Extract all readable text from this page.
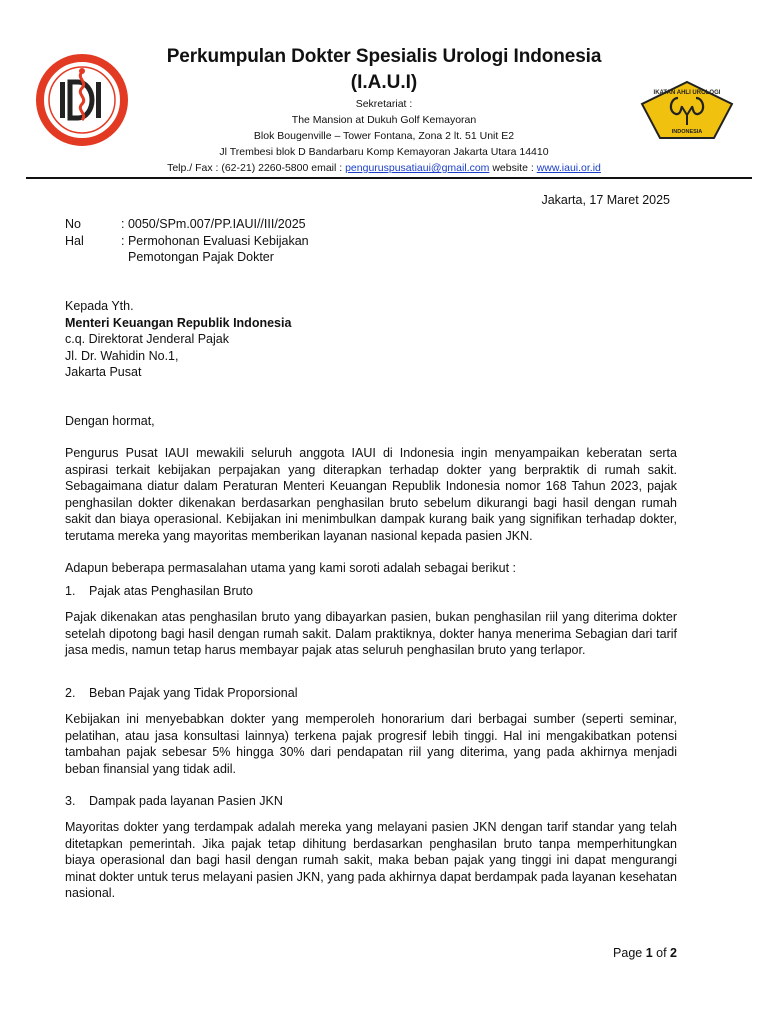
IKATAN AHLI UROLOGI
INDONESIA
Perkumpulan Dokter Spesialis Urologi Indonesia
(I.A.U.I)
Sekretariat :
The Mansion at Dukuh Golf Kemayoran
Blok Bougenville – Tower Fontana, Zona 2 lt. 51 Unit E2
Jl Trembesi blok D Bandarbaru Komp Kemayoran Jakarta Utara 14410
Telp./ Fax : (62-21) 2260-5800 email : penguruspusatiaui@gmail.com website : www.iaui.or.id
Jakarta, 17 Maret 2025
No	: 0050/SPm.007/PP.IAUI//III/2025
Hal	: Permohonan Evaluasi Kebijakan
Pemotongan Pajak Dokter
Kepada Yth.
Menteri Keuangan Republik Indonesia
c.q. Direktorat Jenderal Pajak
Jl. Dr. Wahidin No.1,
Jakarta Pusat
Dengan hormat,
Pengurus Pusat IAUI mewakili seluruh anggota IAUI di Indonesia ingin menyampaikan keberatan serta aspirasi terkait kebijakan perpajakan yang diterapkan terhadap dokter yang berpraktik di rumah sakit. Sebagaimana diatur dalam Peraturan Menteri Keuangan Republik Indonesia nomor 168 Tahun 2023, pajak penghasilan dokter dikenakan berdasarkan penghasilan bruto sebelum dikurangi bagi hasil dengan rumah sakit dan biaya operasional. Kebijakan ini menimbulkan dampak kurang baik yang signifikan terhadap dokter, terutama mereka yang mayoritas memberikan layanan nasional kepada pasien JKN.
Adapun beberapa permasalahan utama yang kami soroti adalah sebagai berikut :
1.	Pajak atas Penghasilan Bruto
Pajak dikenakan atas penghasilan bruto yang dibayarkan pasien, bukan penghasilan riil yang diterima dokter setelah dipotong bagi hasil dengan rumah sakit. Dalam praktiknya, dokter hanya menerima Sebagian dari tarif jasa medis, namun tetap harus membayar pajak atas seluruh penghasilan bruto yang terlapor.
2.	Beban Pajak yang Tidak Proporsional
Kebijakan ini menyebabkan dokter yang memperoleh honorarium dari berbagai sumber (seperti seminar, pelatihan, atau jasa konsultasi lainnya) terkena pajak progresif lebih tinggi. Hal ini mengakibatkan potensi tambahan pajak sebesar 5% hingga 30% dari pendapatan riil yang diterima, yang pada akhirnya menjadi beban finansial yang tidak adil.
3.	Dampak pada layanan Pasien JKN
Mayoritas dokter yang terdampak adalah mereka yang melayani pasien JKN dengan tarif standar yang telah ditetapkan pemerintah. Jika pajak tetap dihitung berdasarkan penghasilan bruto tanpa memperhitungkan biaya operasional dan bagi hasil dengan rumah sakit, maka beban pajak yang tinggi ini dapat mengurangi minat dokter untuk terus melayani pasien JKN, yang pada akhirnya dapat berdampak pada layanan kesehatan nasional.
Page 1 of 2
